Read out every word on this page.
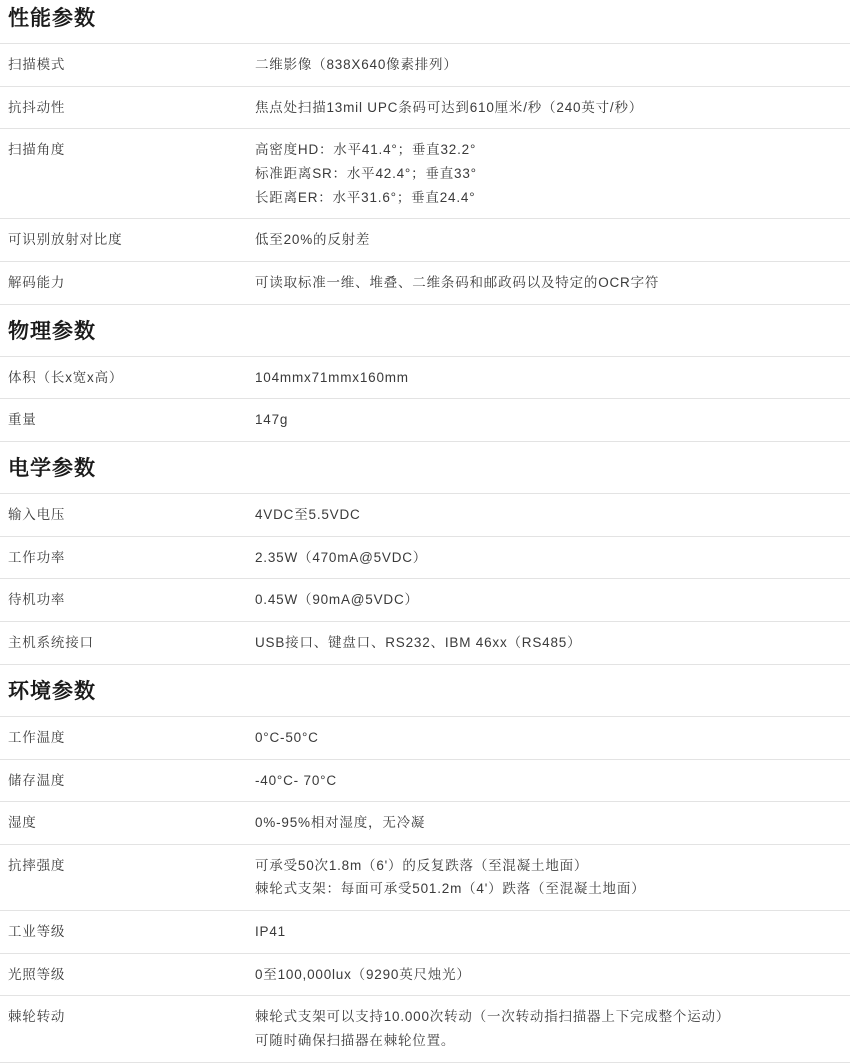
性能参数
扫描模式	二维影像（838X640像素排列）

抗抖动性	焦点处扫描13mil UPC条码可达到610厘米/秒（240英寸/秒）

扫描角度	高密度HD：水平41.4°；垂直32.2°
标准距离SR：水平42.4°；垂直33°
长距离ER：水平31.6°；垂直24.4°

可识别放射对比度	低至20%的反射差

解码能力	可读取标准一维、堆叠、二维条码和邮政码以及特定的OCR字符
物理参数
体积（长x宽x高）	104mmx71mmx160mm

重量	147g
电学参数
输入电压	4VDC至5.5VDC

工作功率	2.35W（470mA@5VDC）

待机功率	0.45W（90mA@5VDC）

主机系统接口	USB接口、键盘口、RS232、IBM 46xx（RS485）
环境参数
工作温度	0°C-50°C

储存温度	-40°C- 70°C

湿度	0%-95%相对湿度，无冷凝

抗摔强度	可承受50次1.8m（6'）的反复跌落（至混凝土地面）
棘轮式支架：每面可承受501.2m（4'）跌落（至混凝土地面）

工业等级	IP41

光照等级	0至100,000lux（9290英尺烛光）

棘轮转动	棘轮式支架可以支持10.000次转动（一次转动指扫描器上下完成整个运动）
可随时确保扫描器在棘轮位置。
